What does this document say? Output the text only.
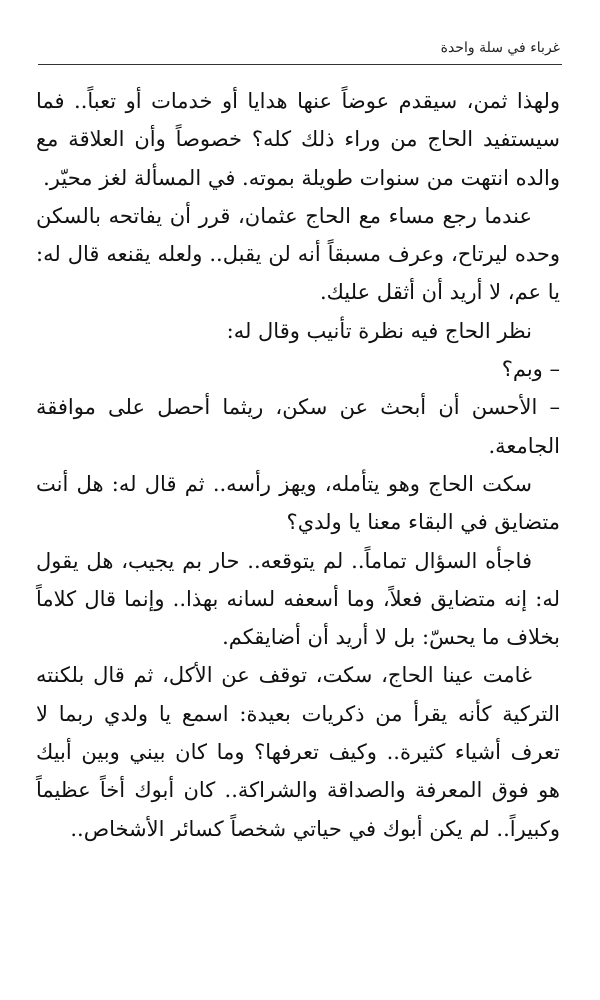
غرباء في سلة واحدة

ولهذا ثمن، سيقدم عوضاً عنها هدايا أو خدمات أو تعباً.. فما سيستفيد الحاج من وراء ذلك كله؟ خصوصاً وأن العلاقة مع والده انتهت من سنوات طويلة بموته. في المسألة لغز محيّر.

عندما رجع مساء مع الحاج عثمان، قرر أن يفاتحه بالسكن وحده ليرتاح، وعرف مسبقاً أنه لن يقبل.. ولعله يقنعه قال له: يا عم، لا أريد أن أثقل عليك.

نظر الحاج فيه نظرة تأنيب وقال له:

– وبم؟

– الأحسن أن أبحث عن سكن، ريثما أحصل على موافقة الجامعة.

سكت الحاج وهو يتأمله، ويهز رأسه.. ثم قال له: هل أنت متضايق في البقاء معنا يا ولدي؟

فاجأه السؤال تماماً.. لم يتوقعه.. حار بم يجيب، هل يقول له: إنه متضايق فعلاً، وما أسعفه لسانه بهذا.. وإنما قال كلاماً بخلاف ما يحسّ: بل لا أريد أن أضايقكم.

غامت عينا الحاج، سكت، توقف عن الأكل، ثم قال بلكنته التركية كأنه يقرأ من ذكريات بعيدة: اسمع يا ولدي ربما لا تعرف أشياء كثيرة.. وكيف تعرفها؟ وما كان بيني وبين أبيك هو فوق المعرفة والصداقة والشراكة.. كان أبوك أخاً عظيماً وكبيراً.. لم يكن أبوك في حياتي شخصاً كسائر الأشخاص..
